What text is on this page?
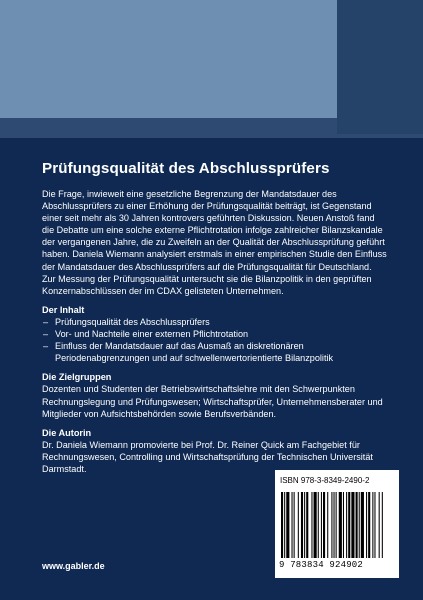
Prüfungsqualität des Abschlussprüfers

Die Frage, inwieweit eine gesetzliche Begrenzung der Mandatsdauer des Abschlussprüfers zu einer Erhöhung der Prüfungsqualität beiträgt, ist Gegenstand einer seit mehr als 30 Jahren kontrovers geführten Diskussion. Neuen Anstoß fand die Debatte um eine solche externe Pflichtrotation infolge zahlreicher Bilanzskandale der vergangenen Jahre, die zu Zweifeln an der Qualität der Abschlussprüfung geführt haben. Daniela Wiemann analysiert erstmals in einer empirischen Studie den Einfluss der Mandatsdauer des Abschlussprüfers auf die Prüfungsqualität für Deutschland. Zur Messung der Prüfungsqualität untersucht sie die Bilanzpolitik in den geprüften Konzernabschlüssen der im CDAX gelisteten Unternehmen.

Der Inhalt
– Prüfungsqualität des Abschlussprüfers
– Vor- und Nachteile einer externen Pflichtrotation
– Einfluss der Mandatsdauer auf das Ausmaß an diskretionären Periodenabgrenzungen und auf schwellenwertorientierte Bilanzpolitik
Die Zielgruppen

Dozenten und Studenten der Betriebswirtschaftslehre mit den Schwerpunkten Rechnungslegung und Prüfungswesen; Wirtschaftsprüfer, Unternehmensberater und Mitglieder von Aufsichtsbehörden sowie Berufsverbänden.

Die Autorin

Dr. Daniela Wiemann promovierte bei Prof. Dr. Reiner Quick am Fachgebiet für Rechnungswesen, Controlling und Wirtschaftsprüfung der Technischen Universität Darmstadt.

ISBN 978-3-8349-2490-2
9 783834 924902
www.gabler.de
